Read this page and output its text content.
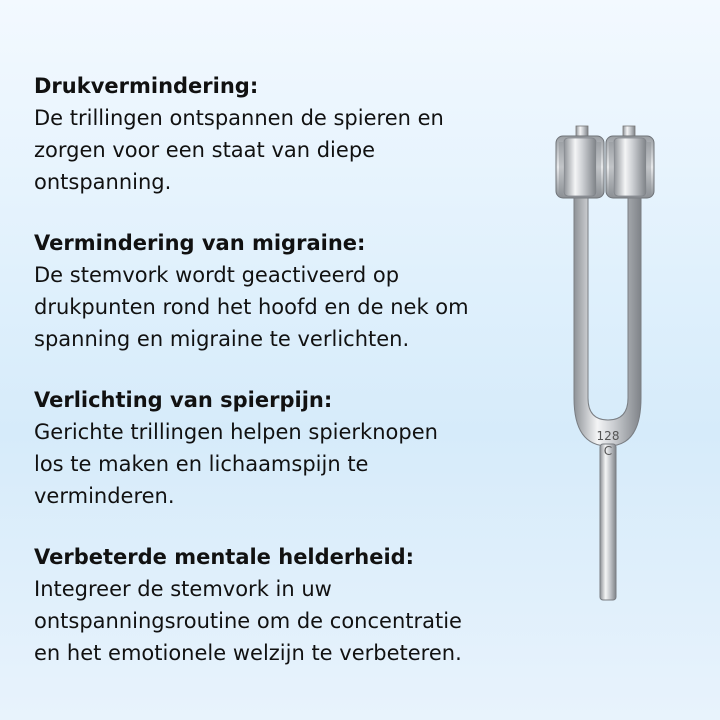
Drukvermindering:

De trillingen ontspannen de spieren en
zorgen voor een staat van diepe
ontspanning.

Vermindering van migraine:

De stemvork wordt geactiveerd op
drukpunten rond het hoofd en de nek om
spanning en migraine te verlichten.

Verlichting van spierpijn:

Gerichte trillingen helpen spierknopen
los te maken en lichaamspijn te
verminderen.

Verbeterde mentale helderheid:

Integreer de stemvork in uw
ontspanningsroutine om de concentratie
en het emotionele welzijn te verbeteren.

128
C
